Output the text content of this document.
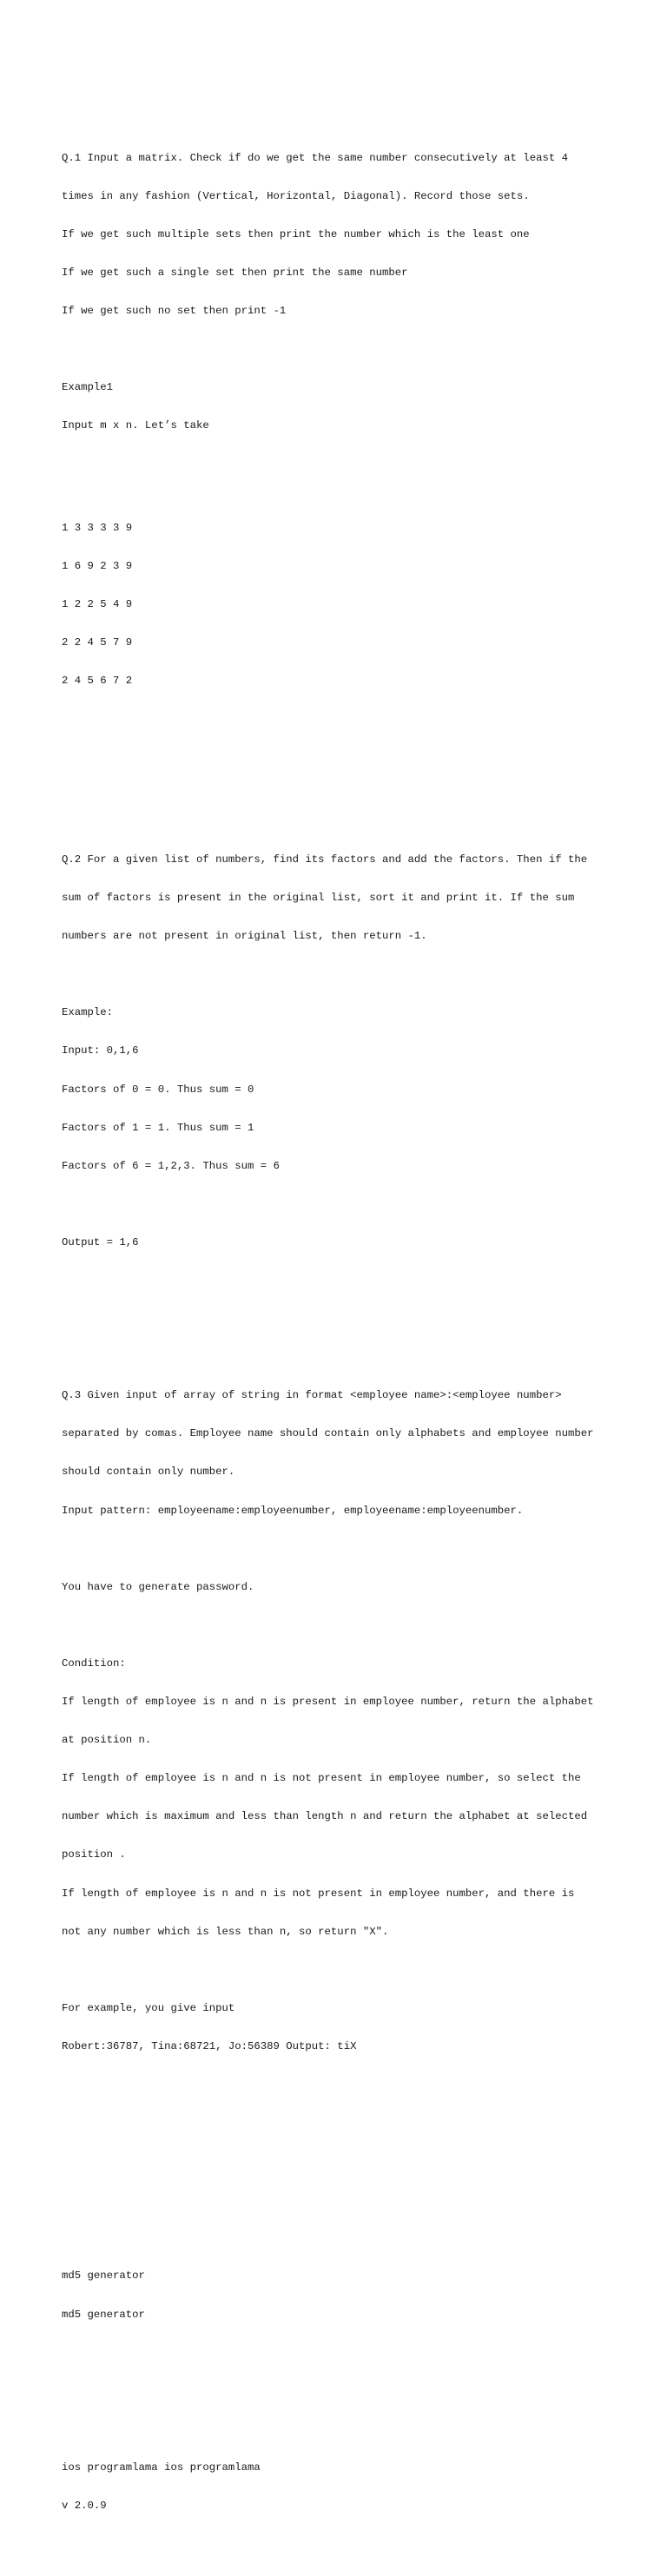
Q.1 Input a matrix. Check if do we get the same number consecutively at least 4

times in any fashion (Vertical, Horizontal, Diagonal). Record those sets.

If we get such multiple sets then print the number which is the least one

If we get such a single set then print the same number

If we get such no set then print -1

Example1

Input m x n. Let’s take

1 3 3 3 3 9

1 6 9 2 3 9

1 2 2 5 4 9

2 2 4 5 7 9

2 4 5 6 7 2

Q.2 For a given list of numbers, find its factors and add the factors. Then if the

sum of factors is present in the original list, sort it and print it. If the sum

numbers are not present in original list, then return -1.

Example:

Input: 0,1,6

Factors of 0 = 0. Thus sum = 0

Factors of 1 = 1. Thus sum = 1

Factors of 6 = 1,2,3. Thus sum = 6

Output = 1,6

Q.3 Given input of array of string in format <employee name>:<employee number>

separated by comas. Employee name should contain only alphabets and employee number

should contain only number.

Input pattern: employeename:employeenumber, employeename:employeenumber.

You have to generate password.

Condition:

If length of employee is n and n is present in employee number, return the alphabet

at position n.

If length of employee is n and n is not present in employee number, so select the

number which is maximum and less than length n and return the alphabet at selected

position .

If length of employee is n and n is not present in employee number, and there is

not any number which is less than n, so return "X".

For example, you give input

Robert:36787, Tina:68721, Jo:56389 Output: tiX

md5 generator

md5 generator

ios programlama ios programlama

v 2.0.9
